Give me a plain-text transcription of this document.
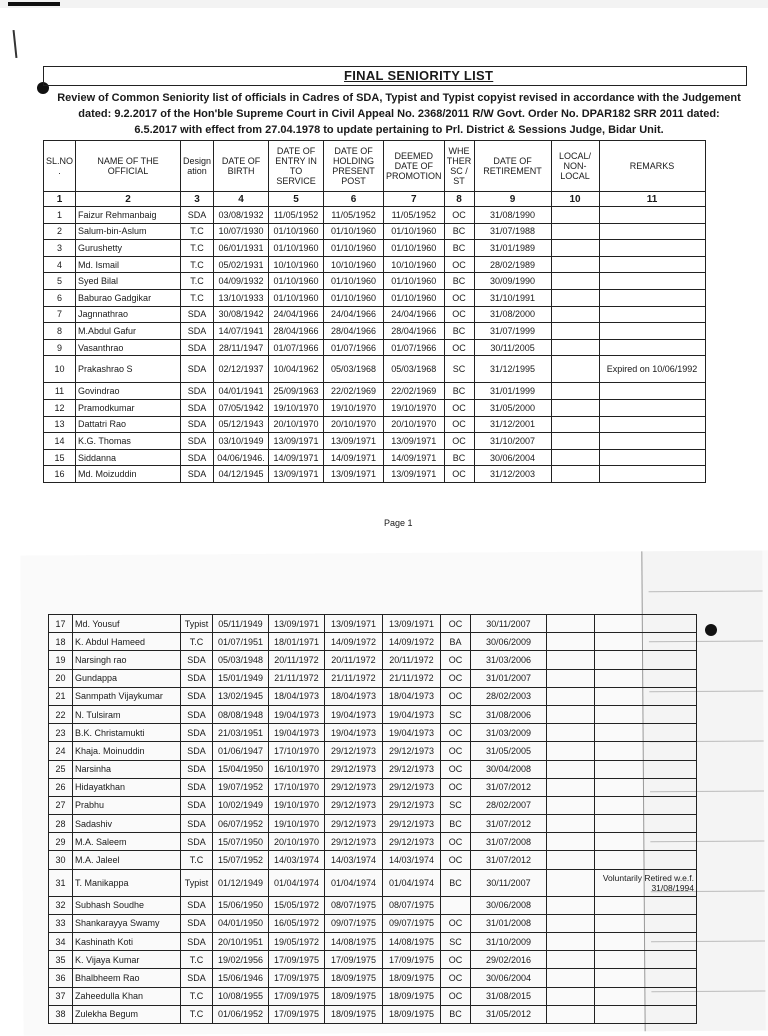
FINAL SENIORITY LIST
Review of Common Seniority list of officials in Cadres of SDA, Typist and Typist copyist revised in accordance with the Judgement dated: 9.2.2017 of the Hon'ble Supreme Court in Civil Appeal No. 2368/2011 R/W Govt. Order No. DPAR182 SRR 2011 dated: 6.5.2017 with effect from 27.04.1978 to update pertaining to Prl. District & Sessions Judge, Bidar Unit.
SL.NO .	NAME OF THE OFFICIAL	Design ation	DATE OF BIRTH	DATE OF ENTRY IN TO SERVICE	DATE OF HOLDING PRESENT POST	DEEMED DATE OF PROMOTION	WHE THER SC / ST	DATE OF RETIREMENT	LOCAL/ NON- LOCAL	REMARKS
1	2	3	4	5	6	7	8	9	10	11
1	Faizur Rehmanbaig	SDA	03/08/1932	11/05/1952	11/05/1952	11/05/1952	OC	31/08/1990		
2	Salum-bin-Aslum	T.C	10/07/1930	01/10/1960	01/10/1960	01/10/1960	BC	31/07/1988		
3	Gurushetty	T.C	06/01/1931	01/10/1960	01/10/1960	01/10/1960	BC	31/01/1989		
4	Md. Ismail	T.C	05/02/1931	10/10/1960	10/10/1960	10/10/1960	OC	28/02/1989		
5	Syed Bilal	T.C	04/09/1932	01/10/1960	01/10/1960	01/10/1960	BC	30/09/1990		
6	Baburao Gadgikar	T.C	13/10/1933	01/10/1960	01/10/1960	01/10/1960	OC	31/10/1991		
7	Jagnnathrao	SDA	30/08/1942	24/04/1966	24/04/1966	24/04/1966	OC	31/08/2000		
8	M.Abdul Gafur	SDA	14/07/1941	28/04/1966	28/04/1966	28/04/1966	BC	31/07/1999		
9	Vasanthrao	SDA	28/11/1947	01/07/1966	01/07/1966	01/07/1966	OC	30/11/2005		
10	Prakashrao S	SDA	02/12/1937	10/04/1962	05/03/1968	05/03/1968	SC	31/12/1995		Expired on 10/06/1992
11	Govindrao	SDA	04/01/1941	25/09/1963	22/02/1969	22/02/1969	BC	31/01/1999		
12	Pramodkumar	SDA	07/05/1942	19/10/1970	19/10/1970	19/10/1970	OC	31/05/2000		
13	Dattatri Rao	SDA	05/12/1943	20/10/1970	20/10/1970	20/10/1970	OC	31/12/2001		
14	K.G. Thomas	SDA	03/10/1949	13/09/1971	13/09/1971	13/09/1971	OC	31/10/2007		
15	Siddanna	SDA	04/06/1946.	14/09/1971	14/09/1971	14/09/1971	BC	30/06/2004		
16	Md. Moizuddin	SDA	04/12/1945	13/09/1971	13/09/1971	13/09/1971	OC	31/12/2003		
Page 1
17	Md. Yousuf	Typist	05/11/1949	13/09/1971	13/09/1971	13/09/1971	OC	30/11/2007		
18	K. Abdul Hameed	T.C	01/07/1951	18/01/1971	14/09/1972	14/09/1972	BA	30/06/2009		
19	Narsingh rao	SDA	05/03/1948	20/11/1972	20/11/1972	20/11/1972	OC	31/03/2006		
20	Gundappa	SDA	15/01/1949	21/11/1972	21/11/1972	21/11/1972	OC	31/01/2007		
21	Sanmpath Vijaykumar	SDA	13/02/1945	18/04/1973	18/04/1973	18/04/1973	OC	28/02/2003		
22	N. Tulsiram	SDA	08/08/1948	19/04/1973	19/04/1973	19/04/1973	SC	31/08/2006		
23	B.K. Christamukti	SDA	21/03/1951	19/04/1973	19/04/1973	19/04/1973	OC	31/03/2009		
24	Khaja. Moinuddin	SDA	01/06/1947	17/10/1970	29/12/1973	29/12/1973	OC	31/05/2005		
25	Narsinha	SDA	15/04/1950	16/10/1970	29/12/1973	29/12/1973	OC	30/04/2008		
26	Hidayatkhan	SDA	19/07/1952	17/10/1970	29/12/1973	29/12/1973	OC	31/07/2012		
27	Prabhu	SDA	10/02/1949	19/10/1970	29/12/1973	29/12/1973	SC	28/02/2007		
28	Sadashiv	SDA	06/07/1952	19/10/1970	29/12/1973	29/12/1973	BC	31/07/2012		
29	M.A. Saleem	SDA	15/07/1950	20/10/1970	29/12/1973	29/12/1973	OC	31/07/2008		
30	M.A. Jaleel	T.C	15/07/1952	14/03/1974	14/03/1974	14/03/1974	OC	31/07/2012		
31	T. Manikappa	Typist	01/12/1949	01/04/1974	01/04/1974	01/04/1974	BC	30/11/2007		Voluntarily Retired w.e.f. 31/08/1994
32	Subhash Soudhe	SDA	15/06/1950	15/05/1972	08/07/1975	08/07/1975		30/06/2008		
33	Shankarayya Swamy	SDA	04/01/1950	16/05/1972	09/07/1975	09/07/1975	OC	31/01/2008		
34	Kashinath Koti	SDA	20/10/1951	19/05/1972	14/08/1975	14/08/1975	SC	31/10/2009		
35	K. Vijaya Kumar	T.C	19/02/1956	17/09/1975	17/09/1975	17/09/1975	OC	29/02/2016		
36	Bhalbheem Rao	SDA	15/06/1946	17/09/1975	18/09/1975	18/09/1975	OC	30/06/2004		
37	Zaheedulla Khan	T.C	10/08/1955	17/09/1975	18/09/1975	18/09/1975	OC	31/08/2015		
38	Zulekha Begum	T.C	01/06/1952	17/09/1975	18/09/1975	18/09/1975	BC	31/05/2012		
